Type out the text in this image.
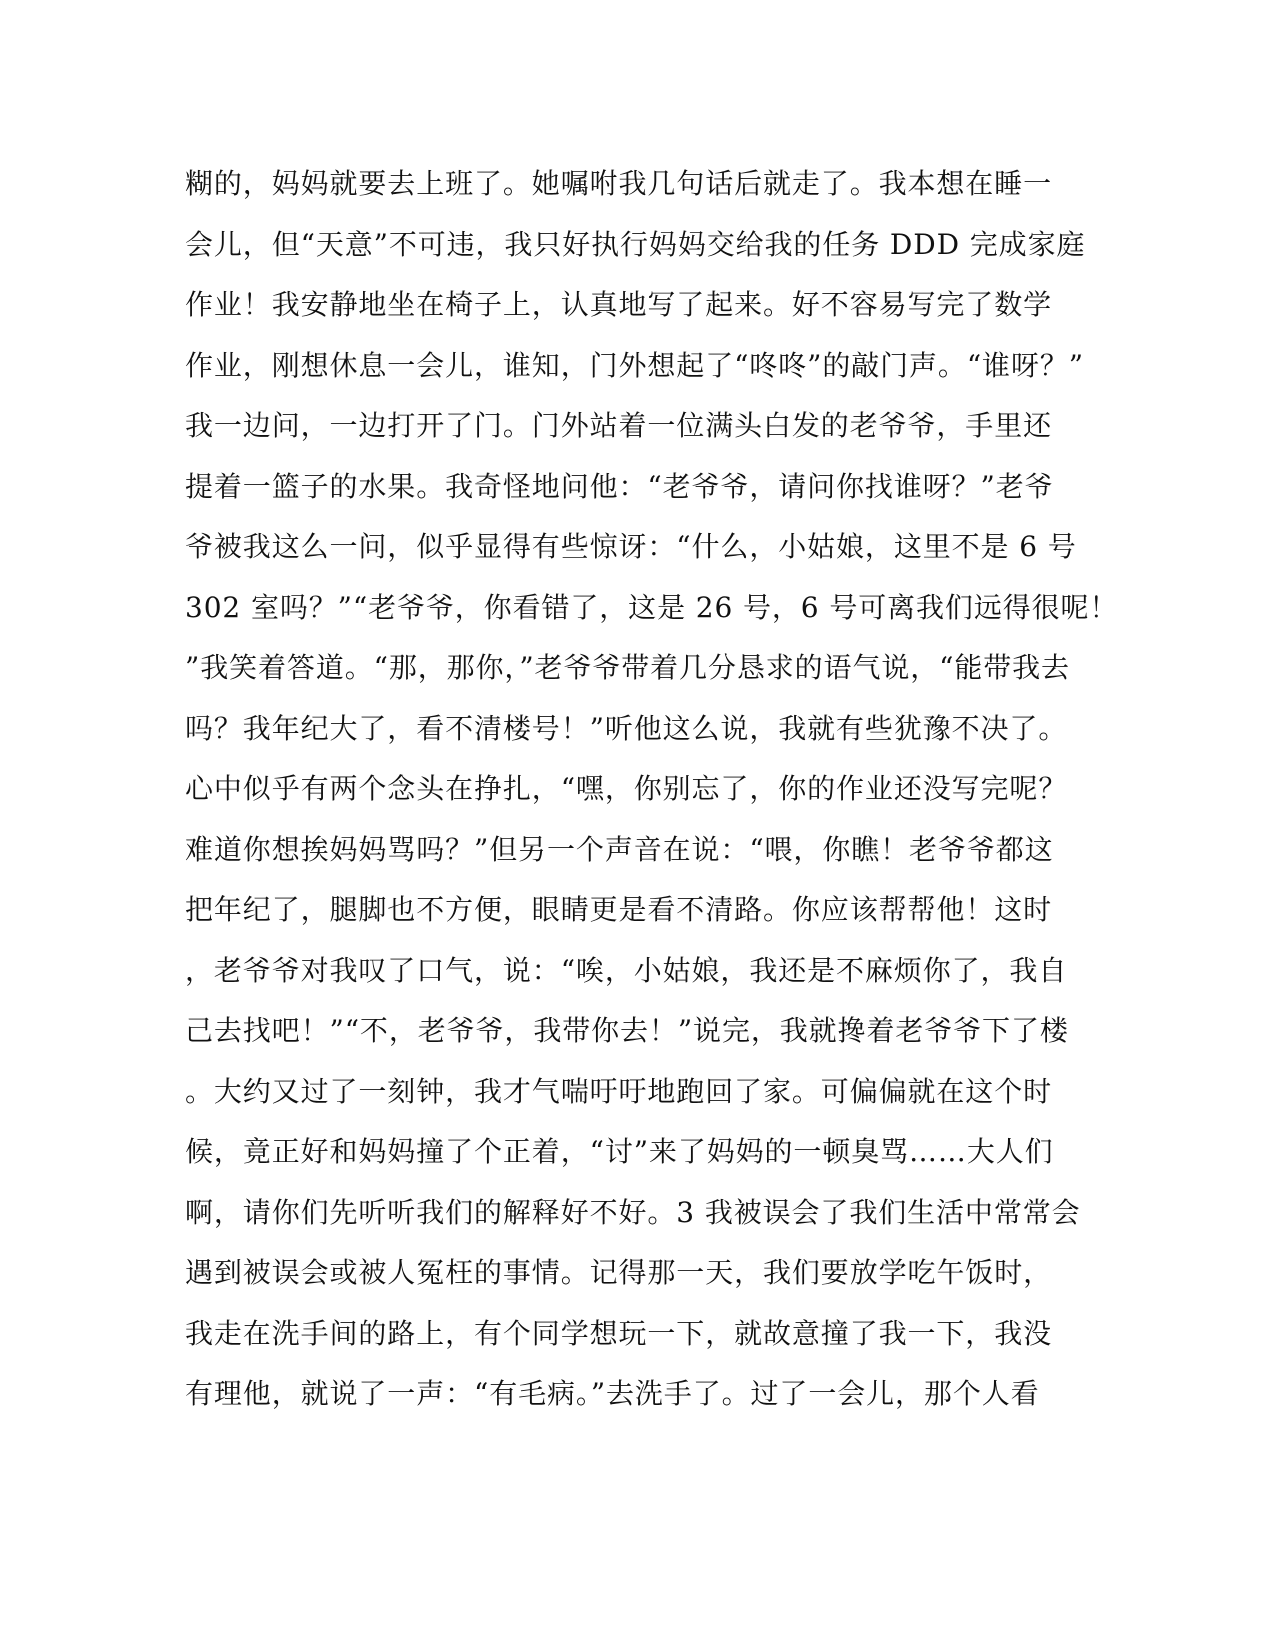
糊的，妈妈就要去上班了。她嘱咐我几句话后就走了。我本想在睡一
会儿，但“天意”不可违，我只好执行妈妈交给我的任务 DDD 完成家庭
作业！我安静地坐在椅子上，认真地写了起来。好不容易写完了数学
作业，刚想休息一会儿，谁知，门外想起了“咚咚”的敲门声。“谁呀？”
我一边问，一边打开了门。门外站着一位满头白发的老爷爷，手里还
提着一篮子的水果。我奇怪地问他：“老爷爷，请问你找谁呀？”老爷
爷被我这么一问，似乎显得有些惊讶：“什么，小姑娘，这里不是 6 号
302 室吗？”“老爷爷，你看错了，这是 26 号，6 号可离我们远得很呢！
”我笑着答道。“那，那你，”老爷爷带着几分恳求的语气说，“能带我去
吗？我年纪大了，看不清楼号！”听他这么说，我就有些犹豫不决了。
心中似乎有两个念头在挣扎，“嘿，你别忘了，你的作业还没写完呢？
难道你想挨妈妈骂吗？”但另一个声音在说：“喂，你瞧！老爷爷都这
把年纪了，腿脚也不方便，眼睛更是看不清路。你应该帮帮他！这时
，老爷爷对我叹了口气，说：“唉，小姑娘，我还是不麻烦你了，我自
己去找吧！”“不，老爷爷，我带你去！”说完，我就搀着老爷爷下了楼
。大约又过了一刻钟，我才气喘吁吁地跑回了家。可偏偏就在这个时
候，竟正好和妈妈撞了个正着，“讨”来了妈妈的一顿臭骂……大人们
啊，请你们先听听我们的解释好不好。3 我被误会了我们生活中常常会
遇到被误会或被人冤枉的事情。记得那一天，我们要放学吃午饭时，
我走在洗手间的路上，有个同学想玩一下，就故意撞了我一下，我没
有理他，就说了一声：“有毛病。”去洗手了。过了一会儿，那个人看
